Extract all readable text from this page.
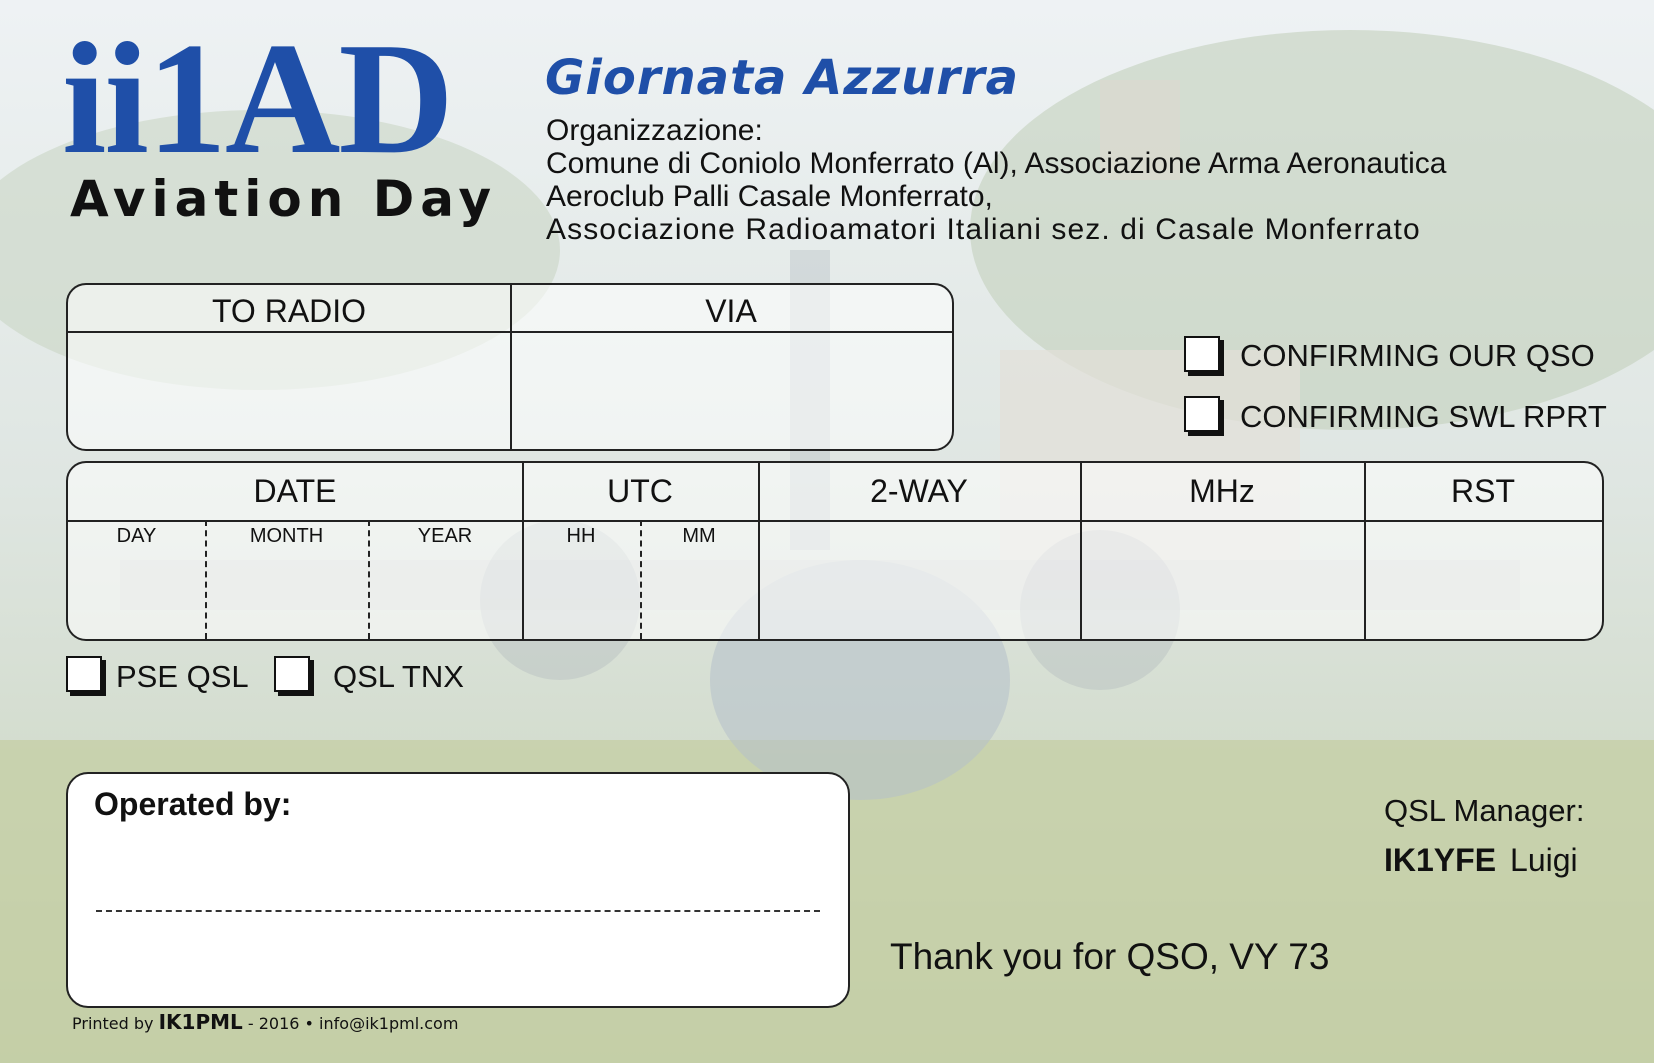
ii1AD
Aviation Day
Giornata Azzurra
Organizzazione:
Comune di Coniolo Monferrato (Al), Associazione Arma Aeronautica
Aeroclub Palli Casale Monferrato,
Associazione Radioamatori Italiani sez. di Casale Monferrato
TO RADIO	VIA
CONFIRMING OUR QSO
CONFIRMING SWL RPRT
DATE	UTC	2-WAY	MHz	RST
DAY	MONTH	YEAR	HH	MM
PSE QSL	QSL TNX
Operated by:	QSL Manager:
IK1YFE Luigi
Thank you for QSO, VY 73
Printed by IK1PML - 2016 • info@ik1pml.com
